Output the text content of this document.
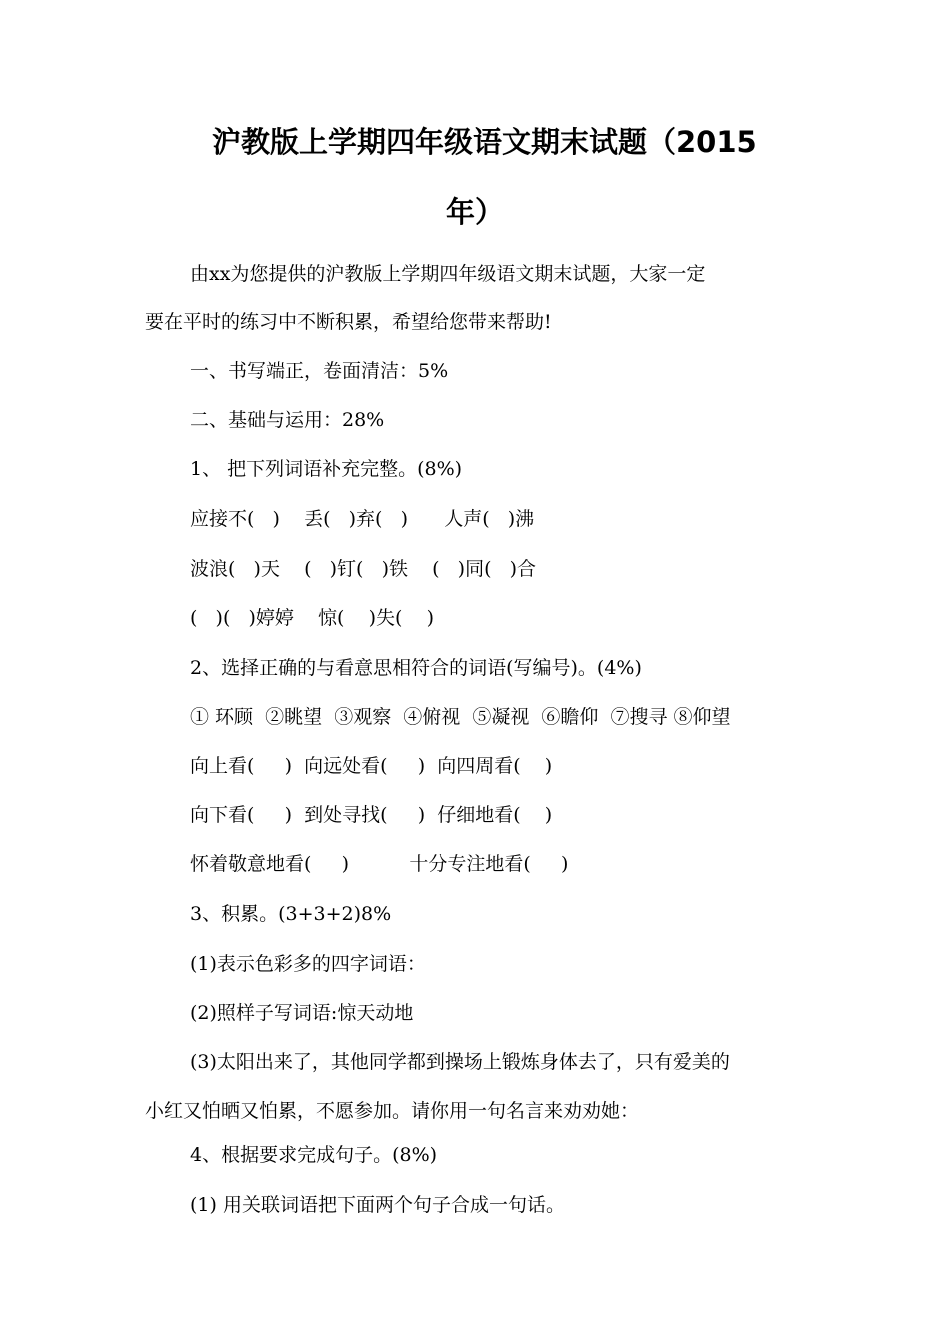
沪教版上学期四年级语文期末试题（2015
年）
由xx为您提供的沪教版上学期四年级语文期末试题，大家一定
要在平时的练习中不断积累，希望给您带来帮助!
一、书写端正，卷面清洁：5%
二、基础与运用：28%
1、 把下列词语补充完整。(8%)
应接不(   )    丢(   )弃(   )      人声(   )沸
波浪(   )天    (   )钉(   )铁    (   )同(   )合
(   )(   )婷婷    惊(    )失(    )
2、选择正确的与看意思相符合的词语(写编号)。(4%)
① 环顾  ②眺望  ③观察  ④俯视  ⑤凝视  ⑥瞻仰  ⑦搜寻 ⑧仰望
向上看(     )  向远处看(     )  向四周看(    )
向下看(     )  到处寻找(     )  仔细地看(    )
怀着敬意地看(     )          十分专注地看(     )
3、积累。(3+3+2)8%
(1)表示色彩多的四字词语：
(2)照样子写词语:惊天动地
(3)太阳出来了，其他同学都到操场上锻炼身体去了，只有爱美的
小红又怕晒又怕累，不愿参加。请你用一句名言来劝劝她：
4、根据要求完成句子。(8%)
(1) 用关联词语把下面两个句子合成一句话。
